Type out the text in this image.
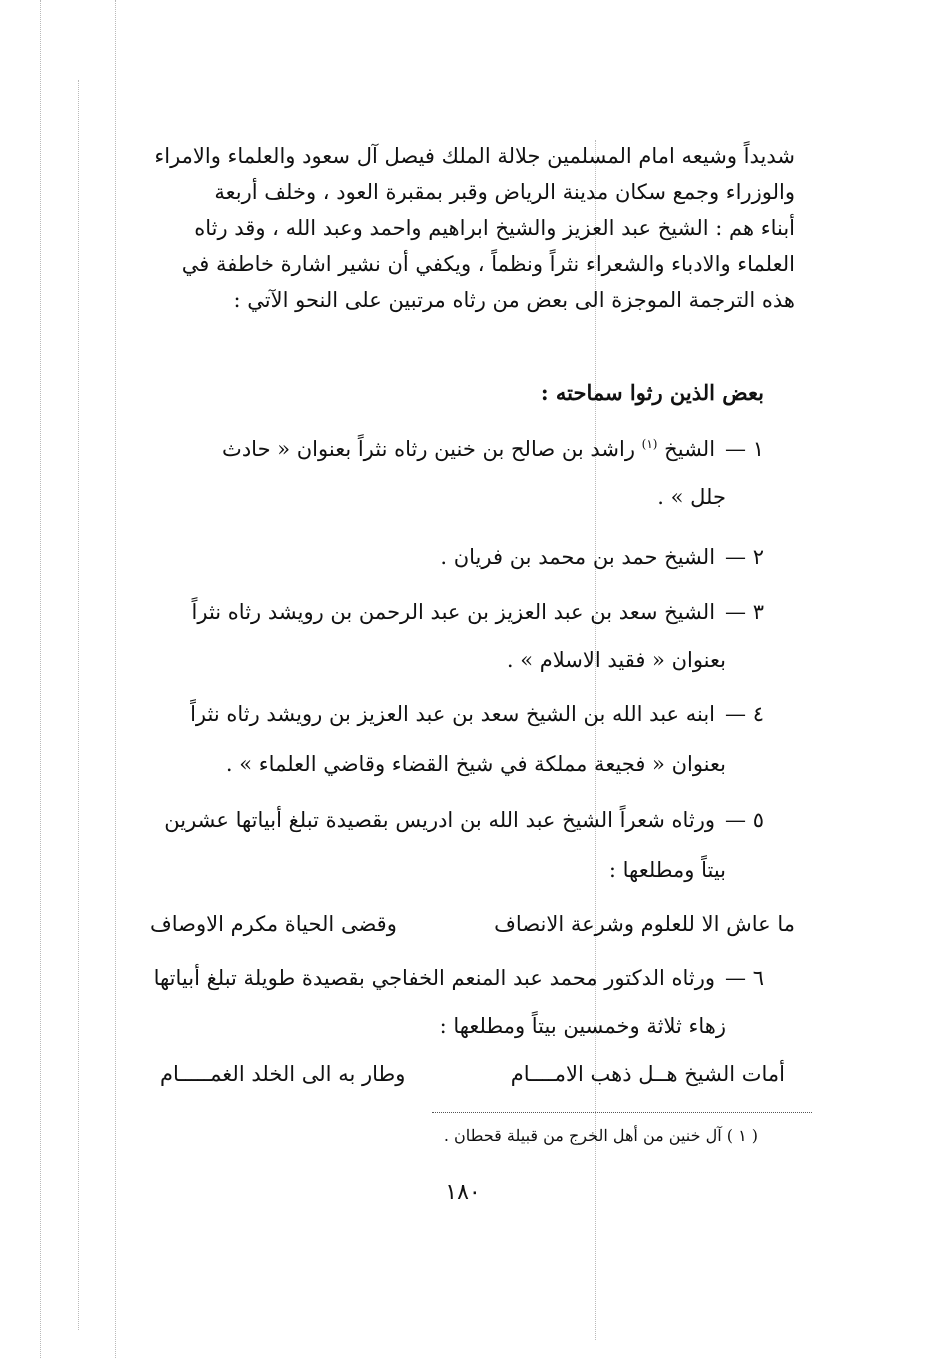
شديداً وشيعه امام المسلمين جلالة الملك فيصل آل سعود والعلماء والامراء
والوزراء وجمع سكان مدينة الرياض وقبر بمقبرة العود ، وخلف أربعة
أبناء هم : الشيخ عبد العزيز والشيخ ابراهيم واحمد وعبد الله ، وقد رثاه
العلماء والادباء والشعراء نثراً ونظماً ، ويكفي أن نشير اشارة خاطفة في
هذه الترجمة الموجزة الى بعض من رثاه مرتبين على النحو الآتي :
بعض الذين رثوا سماحته :
١ —الشيخ $^{(١)}$ راشد بن صالح بن خنين رثاه نثراً بعنوان « حادث
جلل » .
٢ —الشيخ حمد بن محمد بن فريان .
٣ —الشيخ سعد بن عبد العزيز بن عبد الرحمن بن رويشد رثاه نثراً
بعنوان « فقيد الاسلام » .
٤ —ابنه عبد الله بن الشيخ سعد بن عبد العزيز بن رويشد رثاه نثراً
بعنوان « فجيعة مملكة في شيخ القضاء وقاضي العلماء » .
٥ —ورثاه شعراً الشيخ عبد الله بن ادريس بقصيدة تبلغ أبياتها عشرين
بيتاً ومطلعها :
ما عاش الا للعلوم وشرعة الانصاف
وقضى الحياة مكرم الاوصاف
٦ —ورثاه الدكتور محمد عبد المنعم الخفاجي بقصيدة طويلة تبلغ أبياتها
زهاء ثلاثة وخمسين بيتاً ومطلعها :
أمات الشيخ هــل ذهب الامــــام
وطار به الى الخلد الغمـــــام
( ١ ) آل خنين من أهل الخرج من قبيلة قحطان .
١٨٠
